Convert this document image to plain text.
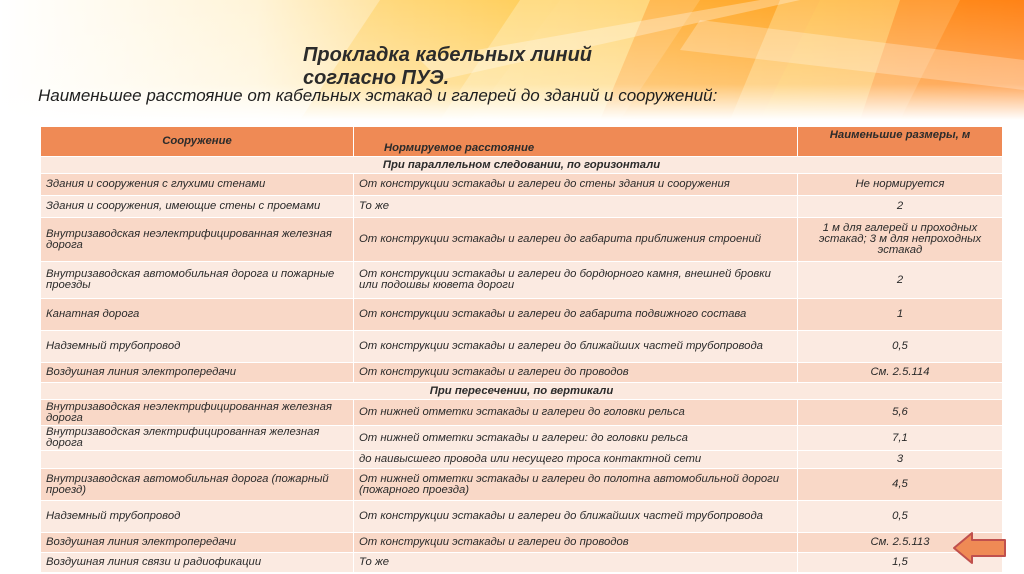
Прокладка кабельных линий
согласно ПУЭ.
Наименьшее расстояние от кабельных эстакад и галерей до зданий и сооружений:
Сооружение	Нормируемое расстояние	Наименьшие размеры, м
При параллельном следовании, по горизонтали		
Здания и сооружения с глухими стенами	От конструкции эстакады и галереи до стены здания и сооружения	Не нормируется
Здания и сооружения, имеющие стены с проемами	То же	2
Внутризаводская неэлектрифицированная железная дорога	От конструкции эстакады и галереи до габарита приближения строений	1 м для галерей и проходных эстакад; 3 м для непроходных эстакад
Внутризаводская автомобильная дорога и пожарные проезды	От конструкции эстакады и галереи до бордюрного камня, внешней бровки или подошвы кювета дороги	2
Канатная дорога	От конструкции эстакады и галереи до габарита подвижного состава	1
Надземный трубопровод	От конструкции эстакады и галереи до ближайших частей трубопровода	0,5
Воздушная линия электропередачи	От конструкции эстакады и галереи до проводов	См. 2.5.114
При пересечении, по вертикали		
Внутризаводская неэлектрифицированная железная дорога	От нижней отметки эстакады и галереи до головки рельса	5,6
Внутризаводская электрифицированная железная дорога	От нижней отметки эстакады и галереи: до головки рельса	7,1
	до наивысшего провода или несущего троса контактной сети	3
Внутризаводская автомобильная дорога (пожарный проезд)	От нижней отметки эстакады и галереи до полотна автомобильной дороги (пожарного проезда)	4,5
Надземный трубопровод	От конструкции эстакады и галереи до ближайших частей трубопровода	0,5
Воздушная линия электропередачи	От конструкции эстакады и галереи до проводов	См. 2.5.113
Воздушная линия связи и радиофикации	То же	1,5
